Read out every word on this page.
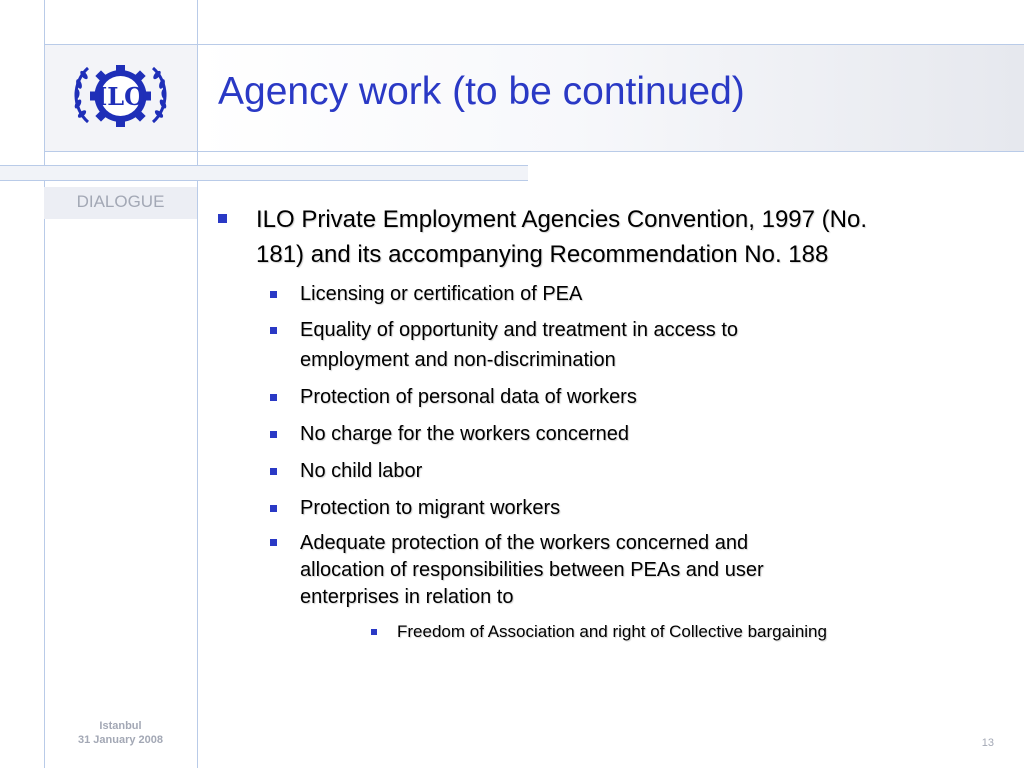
ILO
DIALOGUE
Agency work (to be continued)
ILO Private Employment Agencies Convention, 1997 (No.
181) and its accompanying Recommendation No. 188
Licensing or certification of PEA
Equality of opportunity and treatment in access to
employment and non-discrimination
Protection of personal data of workers
No charge for the workers concerned
No child labor
Protection to migrant workers
Adequate protection of the workers concerned and
allocation of responsibilities between PEAs and user
enterprises in relation to
Freedom of Association and right of Collective bargaining
Istanbul
31 January 2008	13
